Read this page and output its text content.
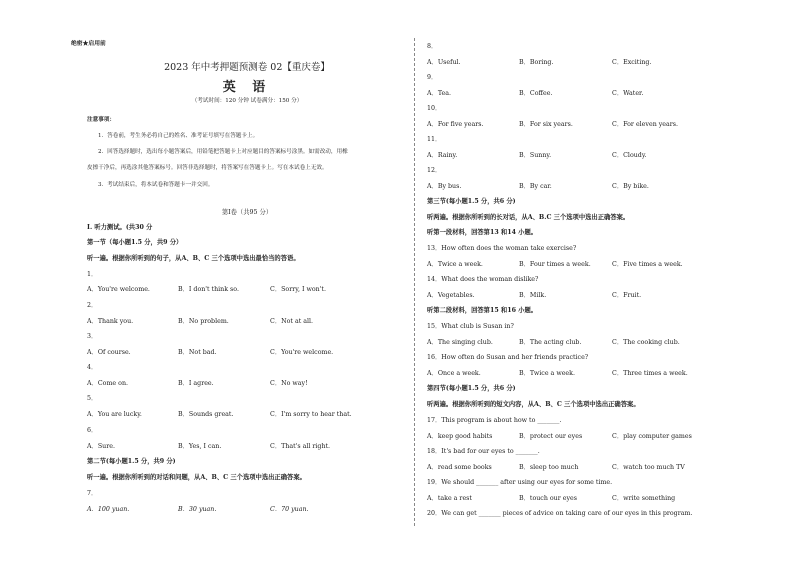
绝密★启用前
2023 年中考押题预测卷 02【重庆卷】
英 语
（考试时间：120 分钟 试卷满分：150 分）
注意事项：
1．答卷前，考生务必将自己的姓名、准考证号填写在答题卡上。
2．回答选择题时，选出每小题答案后，用铅笔把答题卡上对应题目的答案标号涂黑。如需改动，用橡
皮擦干净后，再选涂其他答案标号。回答非选择题时，将答案写在答题卡上。写在本试卷上无效。
3．考试结束后，将本试卷和答题卡一并交回。
第Ⅰ卷（共95 分）
I. 听力测试。(共30 分
第一节（每小题1.5 分，共9 分）
听一遍。根据你所听到的句子，从A、B、C 三个选项中选出最恰当的答语。
1．
A．You're welcome.	B．I don't think so.	C．Sorry, I won't.
2．
A．Thank you.	B．No problem.	C．Not at all.
3．
A．Of course.	B．Not bad.	C．You're welcome.
4．
A．Come on.	B．I agree.	C．No way!
5．
A．You are lucky.	B．Sounds great.	C．I'm sorry to hear that.
6．
A．Sure.	B．Yes, I can.	C．That's all right.
第二节(每小题1.5 分，共9 分)
听一遍。根据你所听到的对话和问题，从A、B、C 三个选项中选出正确答案。
7．
A．100 yuan.	B．30 yuan.	C．70 yuan.
8．
A．Useful.	B．Boring.	C．Exciting.
9．
A．Tea.	B．Coffee.	C．Water.
10．
A．For five years.	B．For six years.	C．For eleven years.
11．
A．Rainy.	B．Sunny.	C．Cloudy.
12．
A．By bus.	B．By car.	C．By bike.
第三节(每小题1.5 分，共6 分)
听两遍。根据你所听到的长对话，从A、B.C 三个选项中选出正确答案。
听第一段材料，回答第13 和14 小题。
13．How often does the woman take exercise?
A．Twice a week.	B．Four times a week.	C．Five times a week.
14．What does the woman dislike?
A．Vegetables.	B．Milk.	C．Fruit.
听第二段材料，回答第15 和16 小题。
15．What club is Susan in?
A．The singing club.	B．The acting club.	C．The cooking club.
16．How often do Susan and her friends practice?
A．Once a week.	B．Twice a week.	C．Three times a week.
第四节(每小题1.5 分，共6 分)
听两遍。根据你所听到的短文内容，从A、B、C 三个选项中选出正确答案。
17．This program is about how to _______.
A．keep good habits	B．protect our eyes	C．play computer games
18．It's bad for our eyes to _______.
A．read some books	B．sleep too much	C．watch too much TV
19．We should _______ after using our eyes for some time.
A．take a rest	B．touch our eyes	C．write something
20．We can get _______ pieces of advice on taking care of our eyes in this program.
